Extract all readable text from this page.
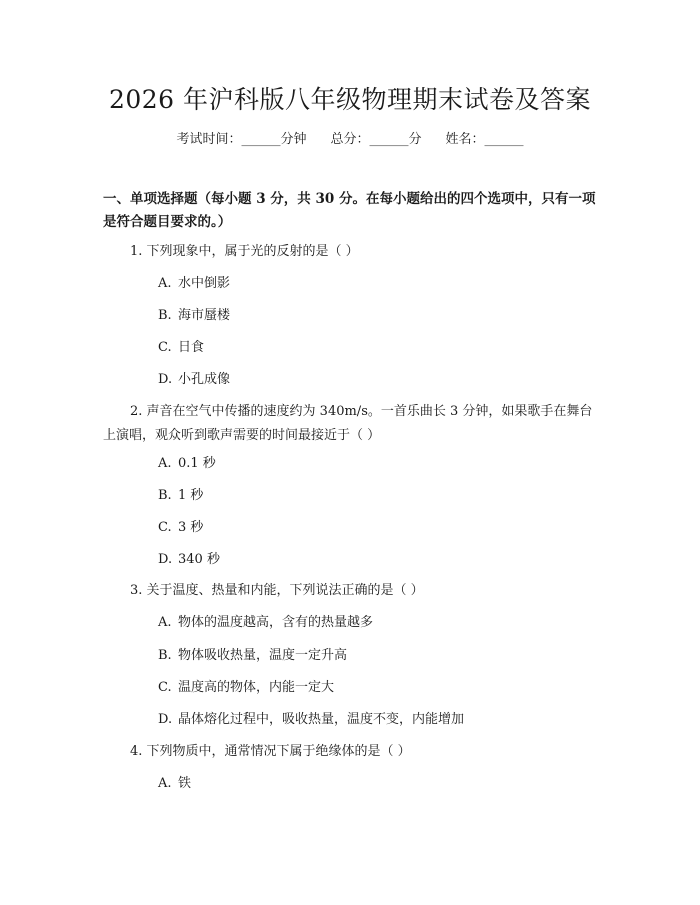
2026 年沪科版八年级物理期末试卷及答案
考试时间：______分钟 总分：______分 姓名：______
一、单项选择题（每小题 3 分，共 30 分。在每小题给出的四个选项中，只有一项是符合题目要求的。）
1. 下列现象中，属于光的反射的是（ ）
A. 水中倒影
B. 海市蜃楼
C. 日食
D. 小孔成像
2. 声音在空气中传播的速度约为 340m/s。一首乐曲长 3 分钟，如果歌手在舞台上演唱，观众听到歌声需要的时间最接近于（ ）
A. 0.1 秒
B. 1 秒
C. 3 秒
D. 340 秒
3. 关于温度、热量和内能，下列说法正确的是（ ）
A. 物体的温度越高，含有的热量越多
B. 物体吸收热量，温度一定升高
C. 温度高的物体，内能一定大
D. 晶体熔化过程中，吸收热量，温度不变，内能增加
4. 下列物质中，通常情况下属于绝缘体的是（ ）
A. 铁
